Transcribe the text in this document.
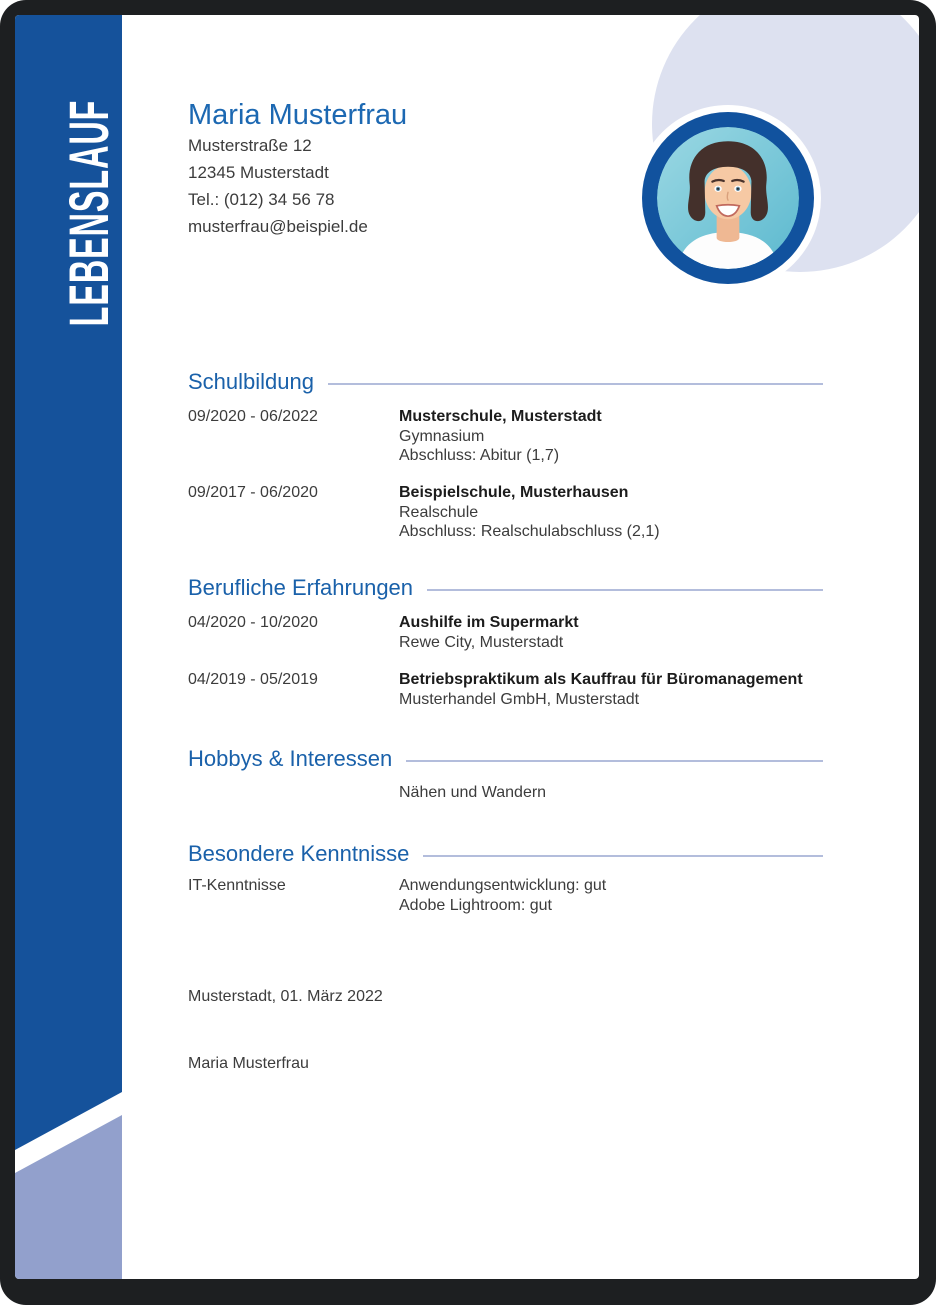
LEBENSLAUF	Maria Musterfrau
Musterstraße 12
12345 Musterstadt
Tel.: (012) 34 56 78
musterfrau@beispiel.de
Schulbildung
09/2020 - 06/2022	Musterschule, Musterstadt
Gymnasium
Abschluss: Abitur (1,7)
09/2017 - 06/2020	Beispielschule, Musterhausen
Realschule
Abschluss: Realschulabschluss (2,1)
Berufliche Erfahrungen
04/2020 - 10/2020	Aushilfe im Supermarkt
Rewe City, Musterstadt
04/2019 - 05/2019	Betriebspraktikum als Kauffrau für Büromanagement
Musterhandel GmbH, Musterstadt
Hobbys & Interessen
Nähen und Wandern
Besondere Kenntnisse
IT-Kenntnisse	Anwendungsentwicklung: gut
Adobe Lightroom: gut
Musterstadt, 01. März 2022
Maria Musterfrau
